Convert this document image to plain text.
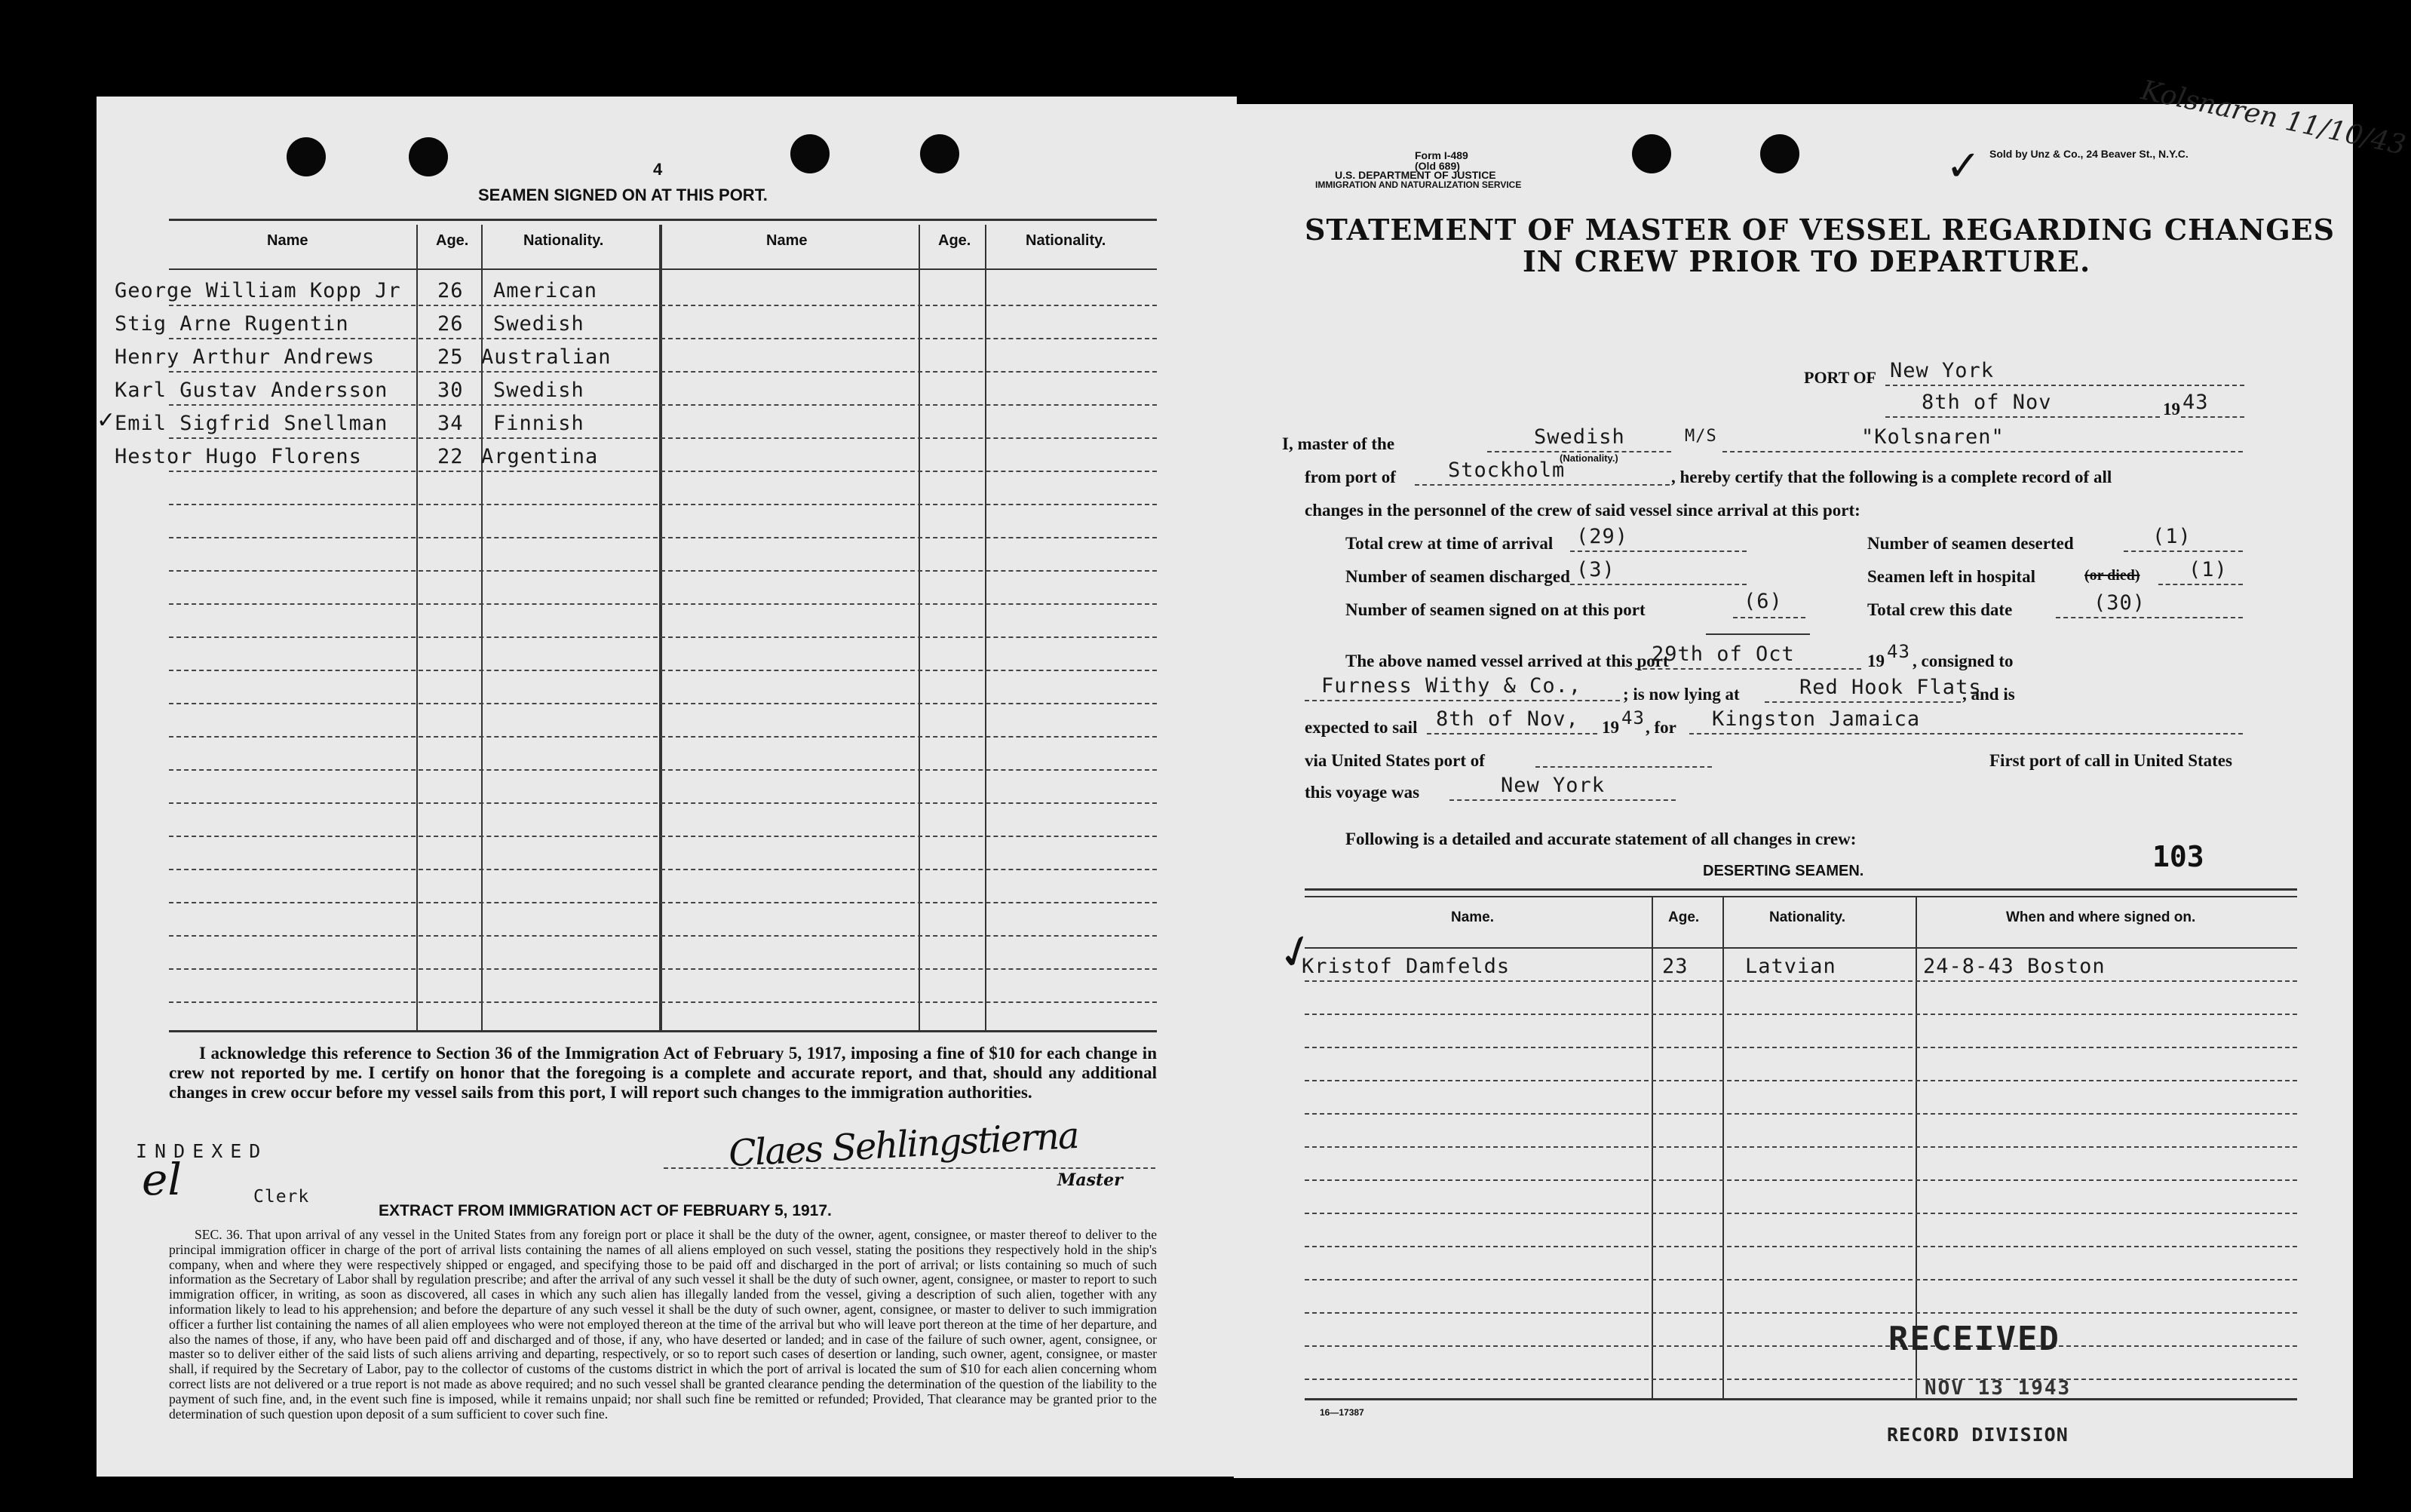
4
SEAMEN SIGNED ON AT THIS PORT.
Name	Age.	Nationality.	Name	Age.	Nationality.
George William Kopp Jr 26 American
Stig Arne Rugentin	26 Swedish
Henry Arthur Andrews	25 Australian
Karl Gustav Andersson 30 Swedish
✓
Emil Sigfrid Snellman 34 Finnish
Hestor Hugo Florens	22 Argentina
I acknowledge this reference to Section 36 of the Immigration Act of February 5, 1917, imposing a fine of $10 for each change in crew not reported by me. I certify on honor that the foregoing is a complete and accurate report, and that, should any additional changes in crew occur before my vessel sails from this port, I will report such changes to the immigration authorities.
INDEXED
el	Clerk
Claes Sehlingstierna
Master
EXTRACT FROM IMMIGRATION ACT OF FEBRUARY 5, 1917.
SEC. 36. That upon arrival of any vessel in the United States from any foreign port or place it shall be the duty of the owner, agent, consignee, or master thereof to deliver to the principal immigration officer in charge of the port of arrival lists containing the names of all aliens employed on such vessel, stating the positions they respectively hold in the ship's company, when and where they were respectively shipped or engaged, and specifying those to be paid off and discharged in the port of arrival; or lists containing so much of such information as the Secretary of Labor shall by regulation prescribe; and after the arrival of any such vessel it shall be the duty of such owner, agent, consignee, or master to report to such immigration officer, in writing, as soon as discovered, all cases in which any such alien has illegally landed from the vessel, giving a description of such alien, together with any information likely to lead to his apprehension; and before the departure of any such vessel it shall be the duty of such owner, agent, consignee, or master to deliver to such immigration officer a further list containing the names of all alien employees who were not employed thereon at the time of the arrival but who will leave port thereon at the time of her departure, and also the names of those, if any, who have been paid off and discharged and of those, if any, who have deserted or landed; and in case of the failure of such owner, agent, consignee, or master so to deliver either of the said lists of such aliens arriving and departing, respectively, or so to report such cases of desertion or landing, such owner, agent, consignee, or master shall, if required by the Secretary of Labor, pay to the collector of customs of the customs district in which the port of arrival is located the sum of $10 for each alien concerning whom correct lists are not delivered or a true report is not made as above required; and no such vessel shall be granted clearance pending the determination of the question of the liability to the payment of such fine, and, in the event such fine is imposed, while it remains unpaid; nor shall such fine be remitted or refunded; Provided, That clearance may be granted prior to the determination of such question upon deposit of a sum sufficient to cover such fine.
Form I-489
(Old 689)
U.S. DEPARTMENT OF JUSTICE
IMMIGRATION AND NATURALIZATION SERVICE	✓ Sold by Unz & Co., 24 Beaver St., N.Y.C.
Kolsnaren 11/10/43
STATEMENT OF MASTER OF VESSEL REGARDING CHANGES
IN CREW PRIOR TO DEPARTURE.
PORT OF New York
8th of Nov	19 43
I, master of the	Swedish
(Nationality.)
M/S	"Kolsnaren"
from port of	Stockholm	, hereby certify that the following is a complete record of all
changes in the personnel of the crew of said vessel since arrival at this port:
Total crew at time of arrival (29)
Number of seamen discharged (3)
Number of seamen signed on at this port	(6)
Number of seamen deserted	(1)
Seamen left in hospital	(or died) (1)
Total crew this date	(30)
The above named vessel arrived at this port
29th of Oct	19 43 , consigned to
Furness Withy & Co., ; is now lying at	Red Hook Flats
, and is
expected to sail 8th of Nov, 19 43 , for Kingston Jamaica
via United States port of	First port of call in United States
this voyage was	New York
Following is a detailed and accurate statement of all changes in crew:
103
DESERTING SEAMEN.
Name.	Age.	Nationality.	When and where signed on.
✓
Kristof Damfelds	23	Latvian	24-8-43 Boston
RECEIVED
NOV 13 1943
RECORD DIVISION
16—17387
